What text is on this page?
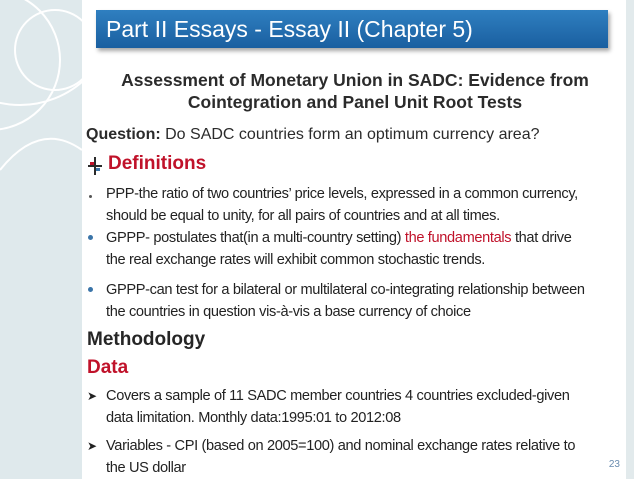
Part II Essays - Essay II (Chapter 5)
Assessment of Monetary Union in SADC: Evidence from
Cointegration and Panel Unit Root Tests
Question: Do SADC countries form an optimum currency area?
Definitions
PPP-the ratio of two countries’ price levels, expressed in a common currency,
should be equal to unity, for all pairs of countries and at all times.
GPPP- postulates that(in a multi-country setting) the fundamentals that drive
the real exchange rates will exhibit common stochastic trends.
GPPP-can test for a bilateral or multilateral co-integrating relationship between
the countries in question vis-à-vis a base currency of choice
Methodology
Data
➤ Covers a sample of 11 SADC member countries 4 countries excluded-given
data limitation. Monthly data:1995:01 to 2012:08
➤ Variables - CPI (based on 2005=100) and nominal exchange rates relative to
the US dollar	23
